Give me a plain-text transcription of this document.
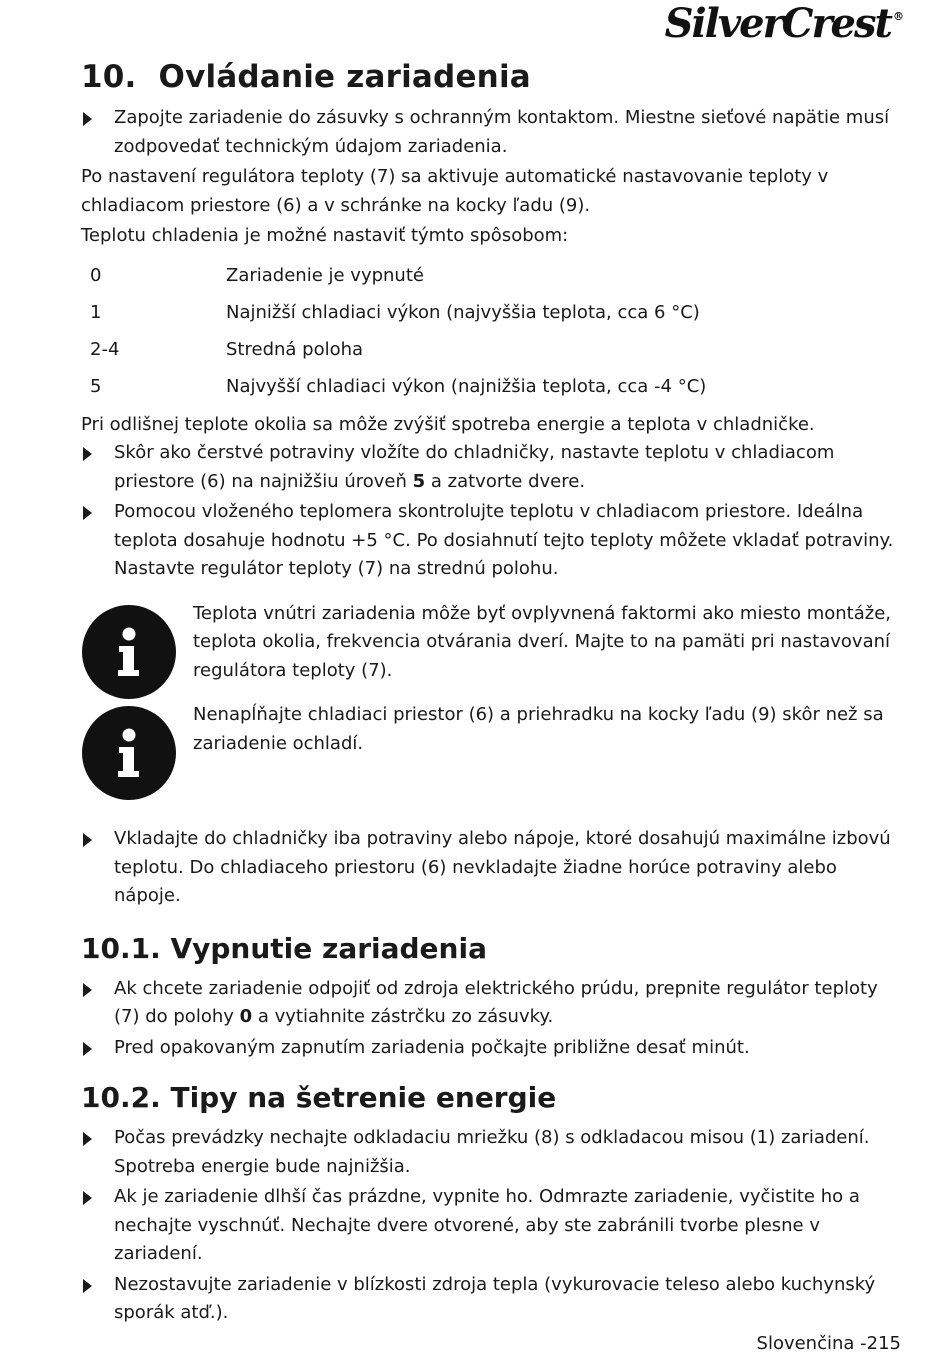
SilverCrest ®
10. Ovládanie zariadenia
Zapojte zariadenie do zásuvky s ochranným kontaktom. Miestne sieťové napätie musí zodpovedať technickým údajom zariadenia.

Po nastavení regulátora teploty (7) sa aktivuje automatické nastavovanie teploty v chladiacom priestore (6) a v schránke na kocky ľadu (9).

Teplotu chladenia je možné nastaviť týmto spôsobom:

0	Zariadenie je vypnuté
1	Najnižší chladiaci výkon (najvyššia teplota, cca 6 °C)
2-4	Stredná poloha
5	Najvyšší chladiaci výkon (najnižšia teplota, cca -4 °C)

Pri odlišnej teplote okolia sa môže zvýšiť spotreba energie a teplota v chladničke.

Skôr ako čerstvé potraviny vložíte do chladničky, nastavte teplotu v chladiacom priestore (6) na najnižšiu úroveň 5 a zatvorte dvere.
Pomocou vloženého teplomera skontrolujte teplotu v chladiacom priestore. Ideálna teplota dosahuje hodnotu +5 °C. Po dosiahnutí tejto teploty môžete vkladať potraviny. Nastavte regulátor teploty (7) na strednú polohu.

Teplota vnútri zariadenia môže byť ovplyvnená faktormi ako miesto montáže, teplota okolia, frekvencia otvárania dverí. Majte to na pamäti pri nastavovaní regulátora teploty (7).

Nenapĺňajte chladiaci priestor (6) a priehradku na kocky ľadu (9) skôr než sa zariadenie ochladí.

Vkladajte do chladničky iba potraviny alebo nápoje, ktoré dosahujú maximálne izbovú teplotu. Do chladiaceho priestoru (6) nevkladajte žiadne horúce potraviny alebo nápoje.
10.1. Vypnutie zariadenia
Ak chcete zariadenie odpojiť od zdroja elektrického prúdu, prepnite regulátor teploty (7) do polohy 0 a vytiahnite zástrčku zo zásuvky.
Pred opakovaným zapnutím zariadenia počkajte približne desať minút.
10.2. Tipy na šetrenie energie
Počas prevádzky nechajte odkladaciu mriežku (8) s odkladacou misou (1) zariadení. Spotreba energie bude najnižšia.
Ak je zariadenie dlhší čas prázdne, vypnite ho. Odmrazte zariadenie, vyčistite ho a nechajte vyschnúť. Nechajte dvere otvorené, aby ste zabránili tvorbe plesne v zariadení.
Nezostavujte zariadenie v blízkosti zdroja tepla (vykurovacie teleso alebo kuchynský sporák atď.).
Slovenčina -215
